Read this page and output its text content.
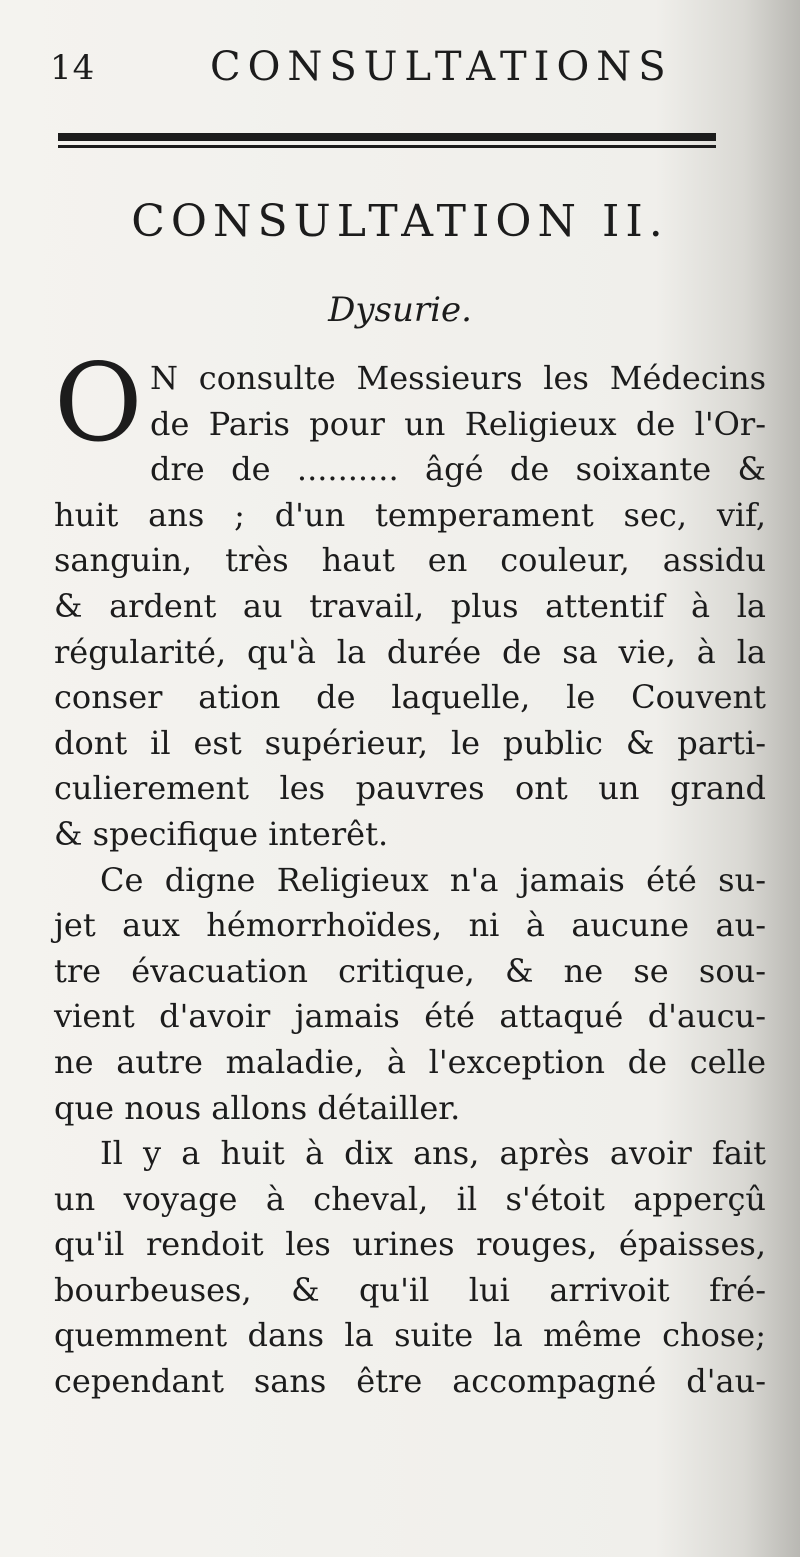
14	CONSULTATIONS
CONSULTATION II.
Dysurie.
O N consulte Messieurs les Médecins
de Paris pour un Religieux de l'Or-
dre de .......... âgé de soixante &
huit ans ; d'un temperament sec, vif,
sanguin, très haut en couleur, assidu
& ardent au travail, plus attentif à la
régularité, qu'à la durée de sa vie, à la
conser ation de laquelle, le Couvent
dont il est supérieur, le public & parti-
culierement les pauvres ont un grand
& specifique interêt.
Ce digne Religieux n'a jamais été su-
jet aux hémorrhoïdes, ni à aucune au-
tre évacuation critique, & ne se sou-
vient d'avoir jamais été attaqué d'aucu-
ne autre maladie, à l'exception de celle
que nous allons détailler.
Il y a huit à dix ans, après avoir fait
un voyage à cheval, il s'étoit apperçû
qu'il rendoit les urines rouges, épaisses,
bourbeuses, & qu'il lui arrivoit fré-
quemment dans la suite la même chose;
cependant sans être accompagné d'au-
